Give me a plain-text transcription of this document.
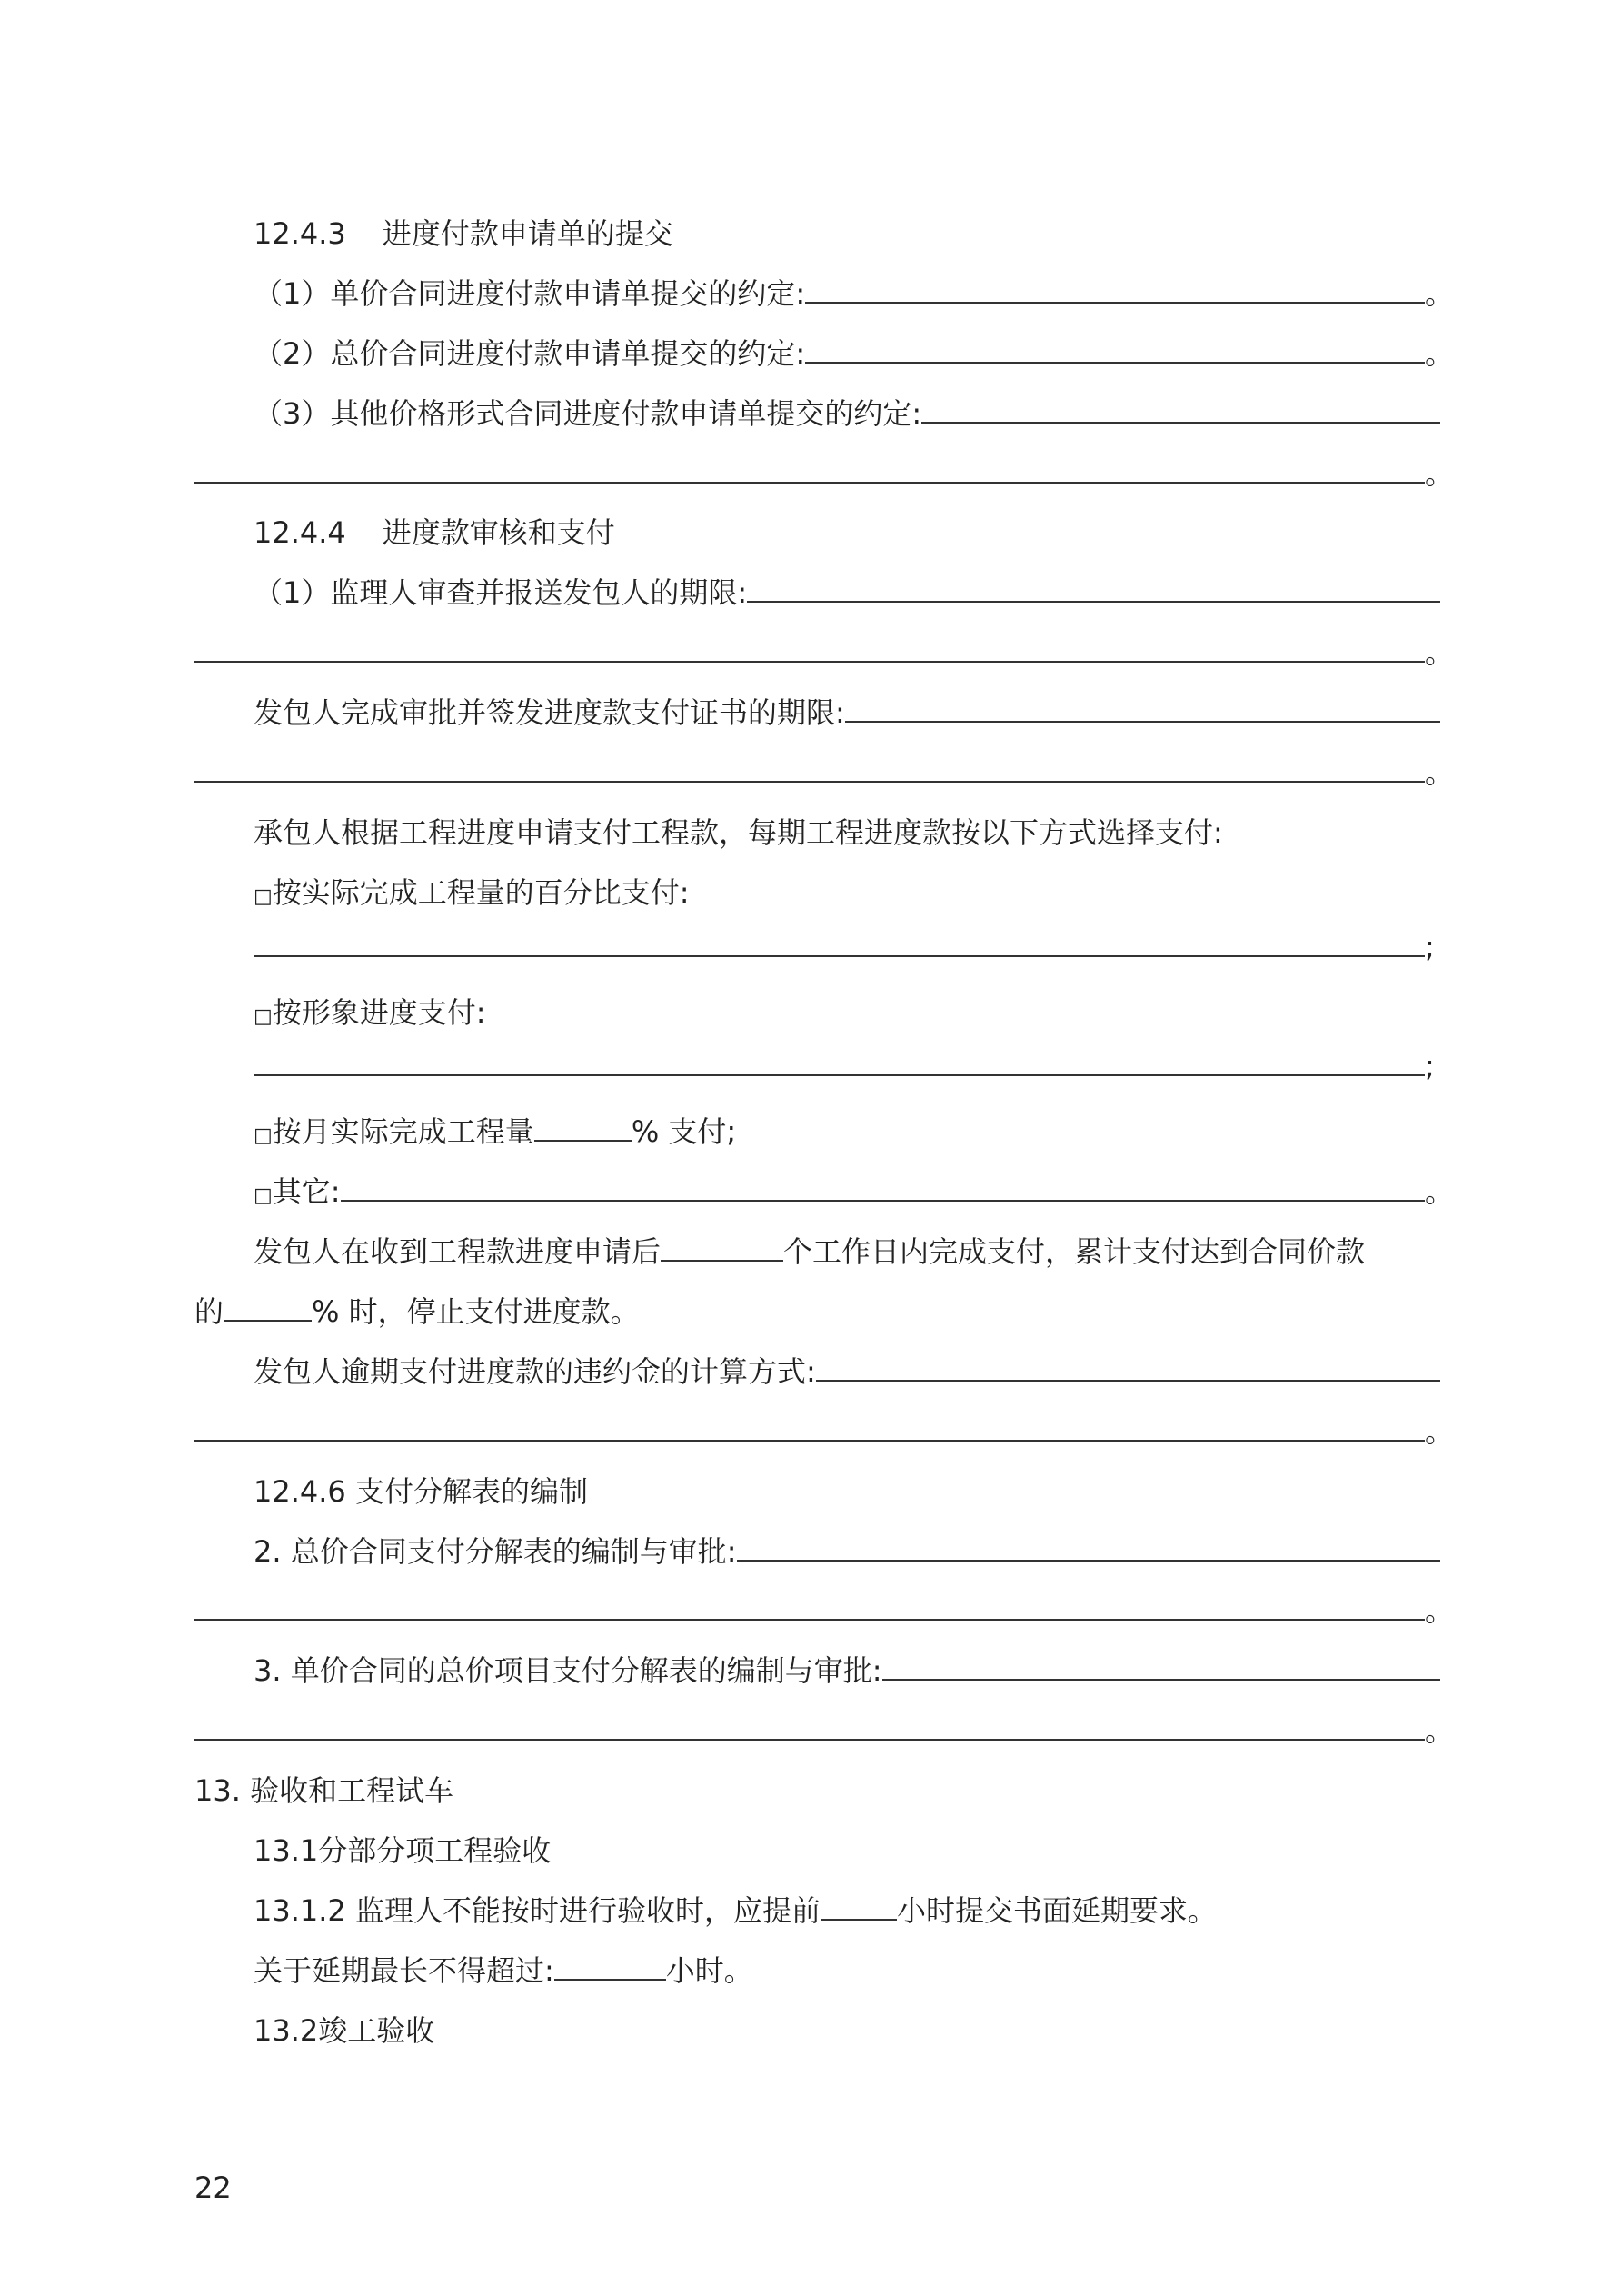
12.4.3 进度付款申请单的提交
（1）单价合同进度付款申请单提交的约定:	。
（2）总价合同进度付款申请单提交的约定:	。
（3）其他价格形式合同进度付款申请单提交的约定:
。
12.4.4 进度款审核和支付
（1）监理人审查并报送发包人的期限:
。
发包人完成审批并签发进度款支付证书的期限:
。
承包人根据工程进度申请支付工程款，每期工程进度款按以下方式选择支付:
□ 按实际完成工程量的百分比支付:
;
□ 按形象进度支付:
;
□ 按月实际完成工程量	% 支付;
□ 其它:	。
发包人在收到工程款进度申请后	个工作日内完成支付，累计支付达到合同价款
的	% 时，停止支付进度款。
发包人逾期支付进度款的违约金的计算方式:
。
12.4.6 支付分解表的编制
2. 总价合同支付分解表的编制与审批:
。
3. 单价合同的总价项目支付分解表的编制与审批:
。
13. 验收和工程试车
13.1分部分项工程验收
13.1.2 监理人不能按时进行验收时，应提前	小时提交书面延期要求。
关于延期最长不得超过:	小时。
13.2竣工验收
22
